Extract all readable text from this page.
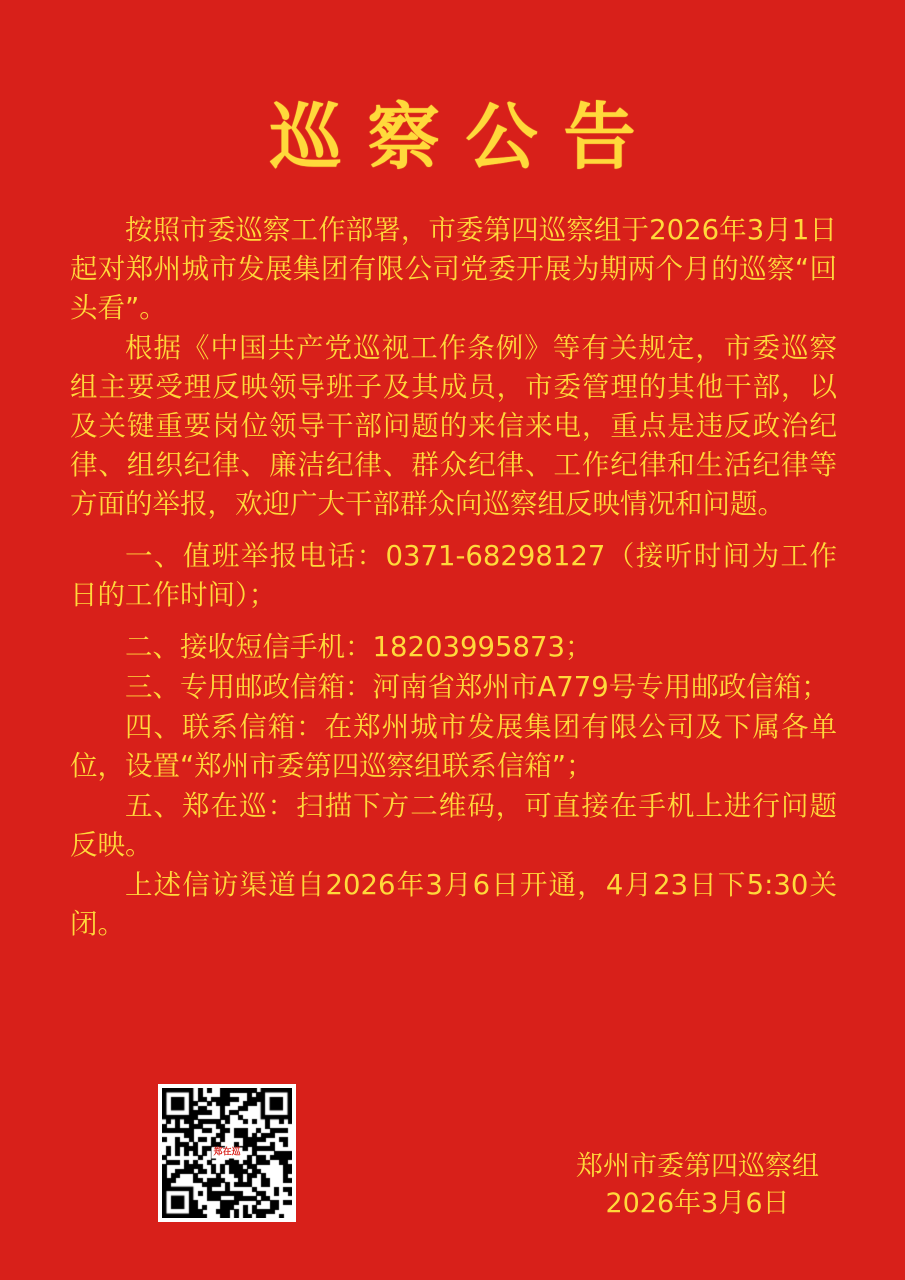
巡察公告

按照市委巡察工作部署，市委第四巡察组于2026年3月1日起对郑州城市发展集团有限公司党委开展为期两个月的巡察“回头看”。

根据《中国共产党巡视工作条例》等有关规定，市委巡察组主要受理反映领导班子及其成员，市委管理的其他干部，以及关键重要岗位领导干部问题的来信来电，重点是违反政治纪律、组织纪律、廉洁纪律、群众纪律、工作纪律和生活纪律等方面的举报，欢迎广大干部群众向巡察组反映情况和问题。

一、值班举报电话：0371-68298127（接听时间为工作日的工作时间）；

二、接收短信手机：18203995873；

三、专用邮政信箱：河南省郑州市A779号专用邮政信箱；

四、联系信箱：在郑州城市发展集团有限公司及下属各单位，设置“郑州市委第四巡察组联系信箱”；

五、郑在巡：扫描下方二维码，可直接在手机上进行问题反映。

上述信访渠道自2026年3月6日开通，4月23日下5:30关闭。

郑在巡	郑州市委第四巡察组
2026年3月6日
